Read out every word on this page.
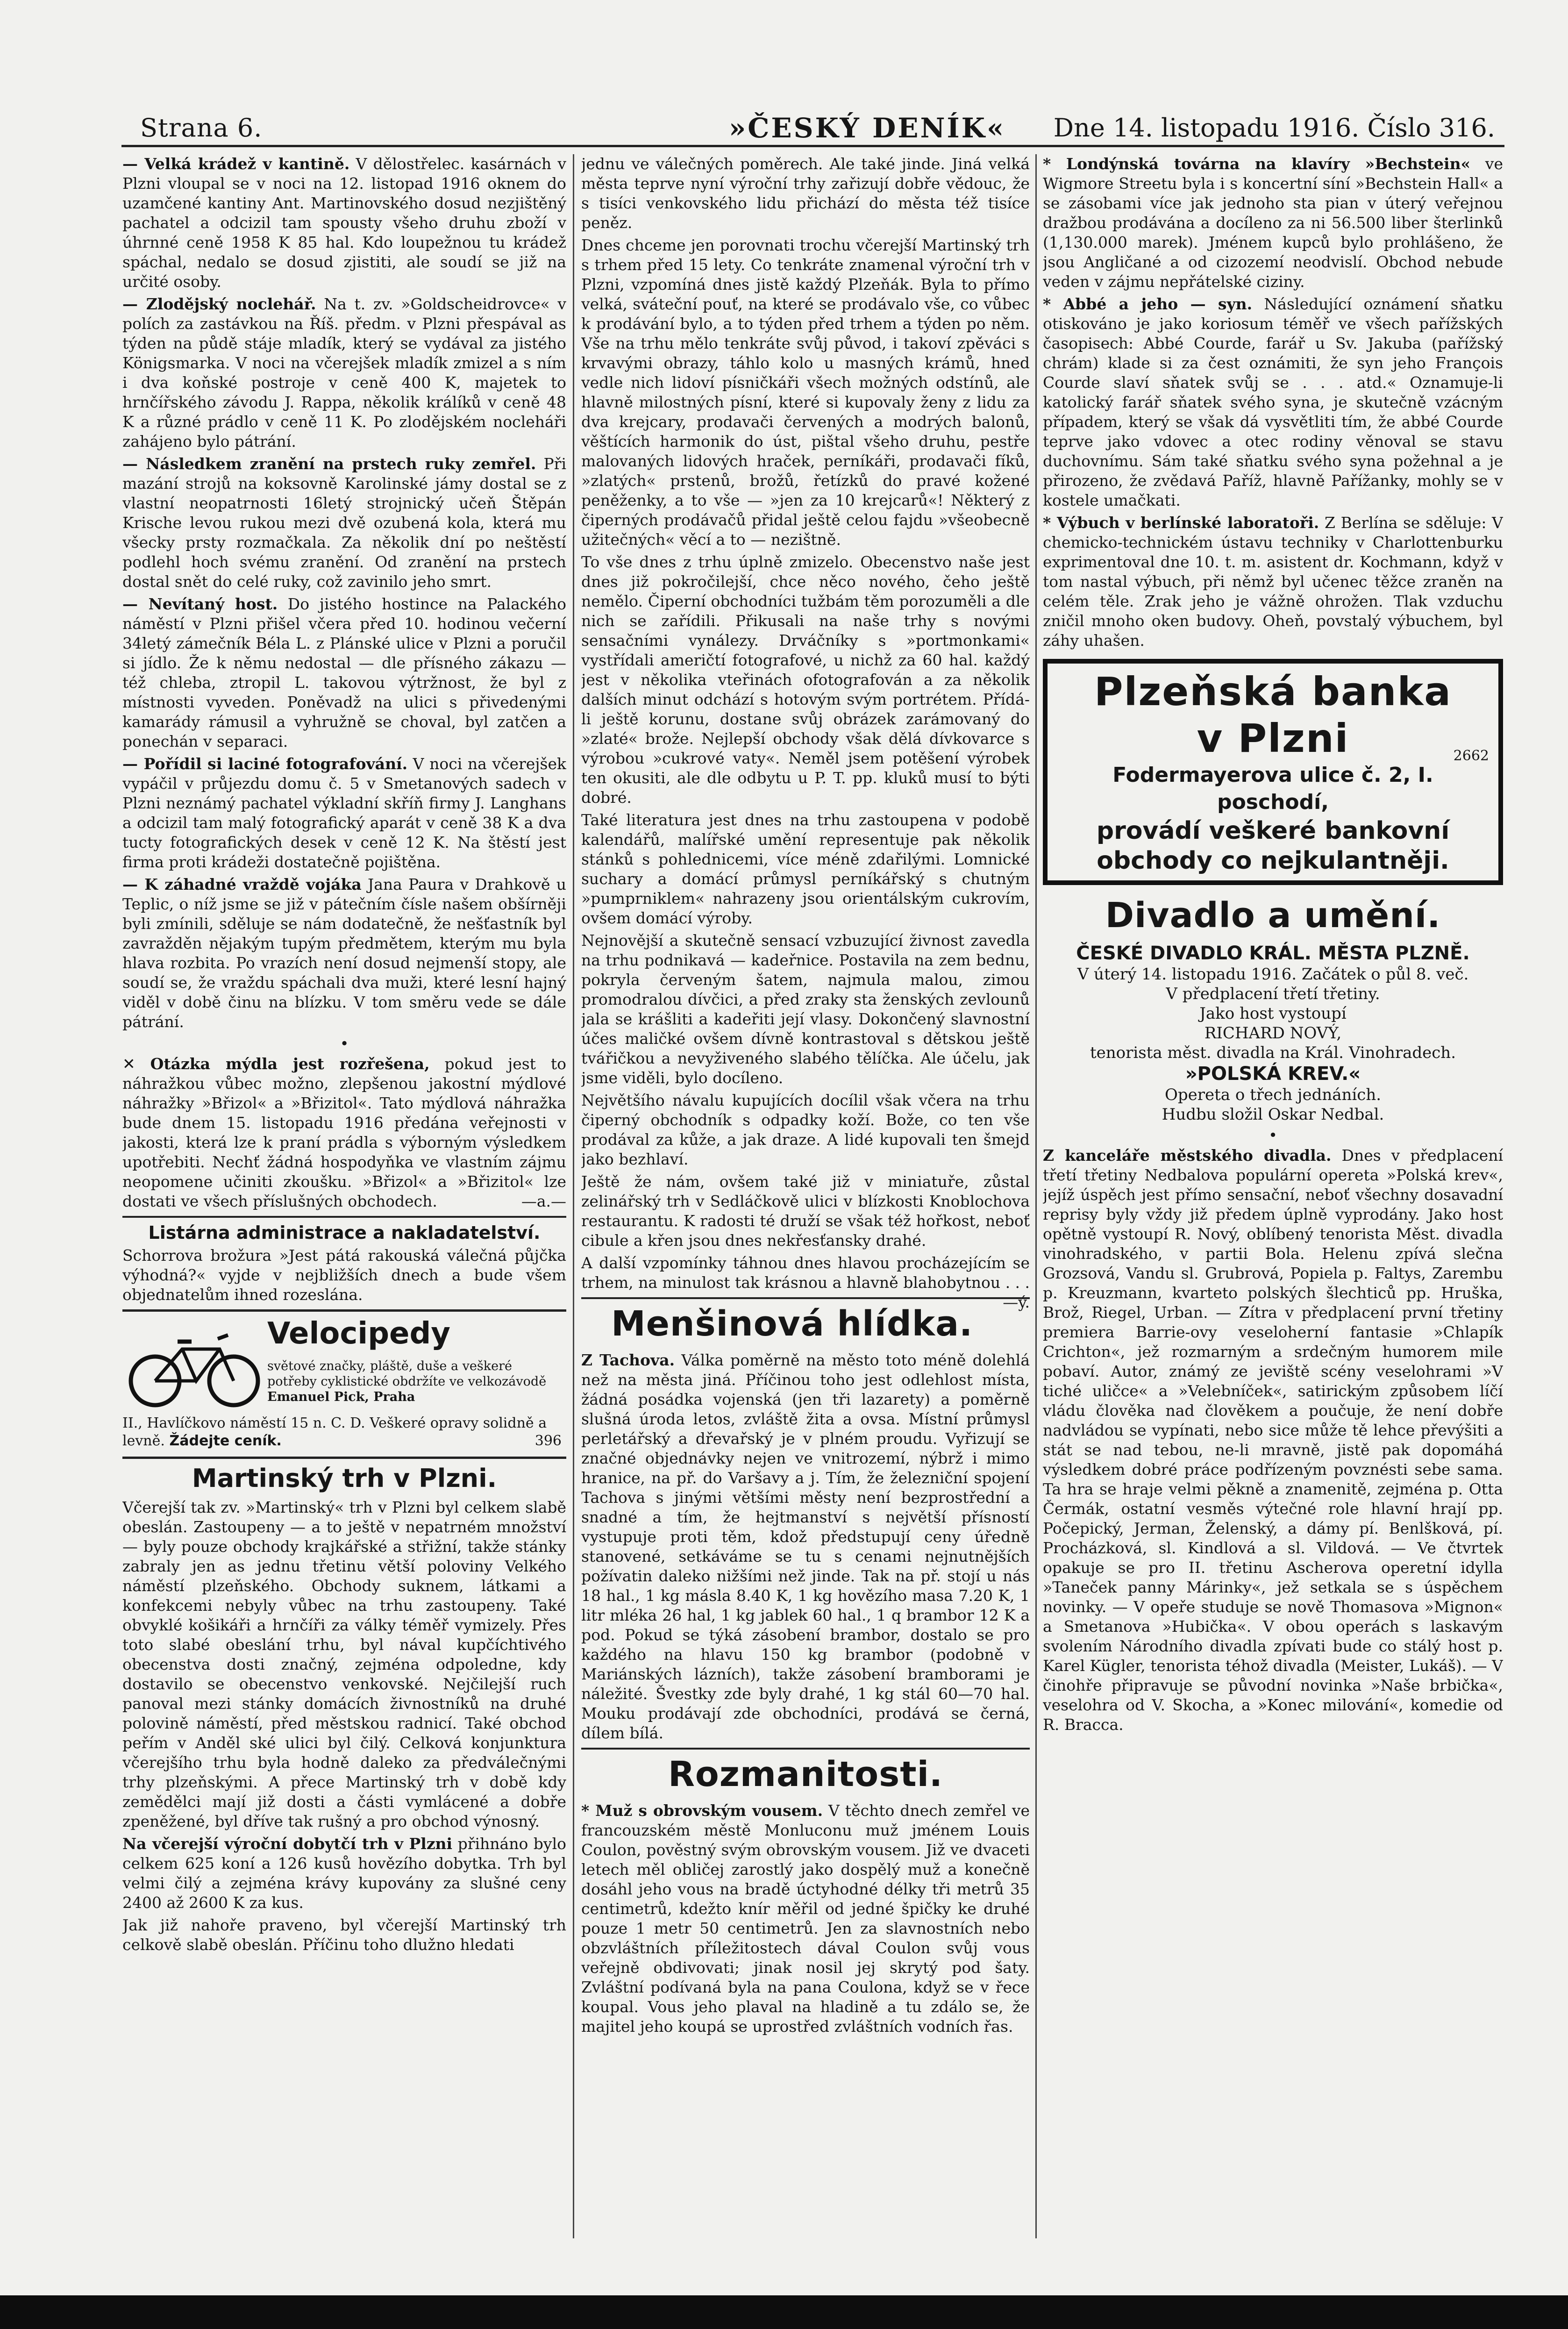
Strana 6.	»ČESKÝ DENÍK« Dne 14. listopadu 1916. Číslo 316.

— Velká krádež v kantině. V dělostřelec. kasárnách v Plzni vloupal se v noci na 12. listopad 1916 oknem do uzamčené kantiny Ant. Martinovského dosud nezjištěný pachatel a odcizil tam spousty všeho druhu zboží v úhrnné ceně 1958 K 85 hal. Kdo loupežnou tu krádež spáchal, nedalo se dosud zjistiti, ale soudí se již na určité osoby.

— Zlodějský noclehář. Na t. zv. »Goldscheidrovce« v polích za zastávkou na Říš. předm. v Plzni přespával as týden na půdě stáje mladík, který se vydával za jistého Königsmarka. V noci na včerejšek mladík zmizel a s ním i dva koňské postroje v ceně 400 K, majetek to hrnčířského závodu J. Rappa, několik králíků v ceně 48 K a různé prádlo v ceně 11 K. Po zlodějském nocleháři zahájeno bylo pátrání.

— Následkem zranění na prstech ruky zemřel. Při mazání strojů na koksovně Karolinské jámy dostal se z vlastní neopatrnosti 16letý strojnický učeň Štěpán Krische levou rukou mezi dvě ozubená kola, která mu všecky prsty rozmačkala. Za několik dní po neštěstí podlehl hoch svému zranění. Od zranění na prstech dostal snět do celé ruky, což zavinilo jeho smrt.

— Nevítaný host. Do jistého hostince na Palackého náměstí v Plzni přišel včera před 10. hodinou večerní 34letý zámečník Béla L. z Plánské ulice v Plzni a poručil si jídlo. Že k němu nedostal — dle přísného zákazu — též chleba, ztropil L. takovou výtržnost, že byl z místnosti vyveden. Poněvadž na ulici s přivedenými kamarády rámusil a vyhružně se choval, byl zatčen a ponechán v separaci.

— Pořídil si laciné fotografování. V noci na včerejšek vypáčil v průjezdu domu č. 5 v Smetanových sadech v Plzni neznámý pachatel výkladní skříň firmy J. Langhans a odcizil tam malý fotografický aparát v ceně 38 K a dva tucty fotografických desek v ceně 12 K. Na štěstí jest firma proti krádeži dostatečně pojištěna.

— K záhadné vraždě vojáka Jana Paura v Drahkově u Teplic, o níž jsme se již v pátečním čísle našem obšírněji byli zmínili, sděluje se nám dodatečně, že nešťastník byl zavražděn nějakým tupým předmětem, kterým mu byla hlava rozbita. Po vrazích není dosud nejmenší stopy, ale soudí se, že vraždu spáchali dva muži, které lesní hajný viděl v době činu na blízku. V tom směru vede se dále pátrání.

•

✕ Otázka mýdla jest rozřešena, pokud jest to náhražkou vůbec možno, zlepšenou jakostní mýdlové náhražky »Břizol« a »Břizitol«. Tato mýdlová náhražka bude dnem 15. listopadu 1916 předána veřejnosti v jakosti, která lze k praní prádla s výborným výsledkem upotřebiti. Nechť žádná hospodyňka ve vlastním zájmu neopomene učiniti zkoušku. »Břizol« a »Břizitol« lze dostati ve všech příslušných obchodech.	—a.—

Listárna administrace a nakladatelství.

Schorrova brožura »Jest pátá rakouská válečná půjčka výhodná?« vyjde v nejbližších dnech a bude všem objednatelům ihned rozeslána.

Velocipedy
světové značky, pláště, duše a veškeré potřeby cyklistické obdržíte ve velkozávodě Emanuel Pick, Praha
II., Havlíčkovo náměstí 15 n. C. D. Veškeré opravy solidně a levně. Žádejte ceník.	396
Martinský trh v Plzni.

Včerejší tak zv. »Martinský« trh v Plzni byl celkem slabě obeslán. Zastoupeny — a to ještě v nepatrném množství — byly pouze obchody krajkářské a střižní, takže stánky zabraly jen as jednu třetinu větší poloviny Velkého náměstí plzeňského. Obchody suknem, látkami a konfekcemi nebyly vůbec na trhu zastoupeny. Také obvyklé košikáři a hrnčíři za války téměř vymizely. Přes toto slabé obeslání trhu, byl nával kupčíchtivého obecenstva dosti značný, zejména odpoledne, kdy dostavilo se obecenstvo venkovské. Nejčilejší ruch panoval mezi stánky domácích živnostníků na druhé polovině náměstí, před městskou radnicí. Také obchod peřím v Anděl ské ulici byl čilý. Celková konjunktura včerejšího trhu byla hodně daleko za předválečnými trhy plzeňskými. A přece Martinský trh v době kdy zemědělci mají již dosti a části vymlácené a dobře zpeněžené, byl dříve tak rušný a pro obchod výnosný.

Na včerejší výroční dobytčí trh v Plzni přihnáno bylo celkem 625 koní a 126 kusů hovězího dobytka. Trh byl velmi čilý a zejména krávy kupovány za slušné ceny 2400 až 2600 K za kus.

Jak již nahoře praveno, byl včerejší Martinský trh celkově slabě obeslán. Příčinu toho dlužno hledati

jednu ve válečných poměrech. Ale také jinde. Jiná velká města teprve nyní výroční trhy zařizují dobře vědouc, že s tisíci venkovského lidu přichází do města též tisíce peněz.

Dnes chceme jen porovnati trochu včerejší Martinský trh s trhem před 15 lety. Co tenkráte znamenal výroční trh v Plzni, vzpomíná dnes jistě každý Plzeňák. Byla to přímo velká, sváteční pouť, na které se prodávalo vše, co vůbec k prodávání bylo, a to týden před trhem a týden po něm. Vše na trhu mělo tenkráte svůj původ, i takoví zpěváci s krvavými obrazy, táhlo kolo u masných krámů, hned vedle nich lidoví písničkáři všech možných odstínů, ale hlavně milostných písní, které si kupovaly ženy z lidu za dva krejcary, prodavači červených a modrých balonů, věštících harmonik do úst, pištal všeho druhu, pestře malovaných lidových hraček, perníkáři, prodavači fíků, »zlatých« prstenů, brožů, řetízků do pravé kožené peněženky, a to vše — »jen za 10 krejcarů«! Některý z čiperných prodávačů přidal ještě celou fajdu »všeobecně užitečných« věcí a to — nezištně.

To vše dnes z trhu úplně zmizelo. Obecenstvo naše jest dnes již pokročilejší, chce něco nového, čeho ještě nemělo. Čiperní obchodníci tužbám těm porozuměli a dle nich se zařídili. Přikusali na naše trhy s novými sensačními vynálezy. Drváčníky s »portmonkami« vystřídali američtí fotografové, u nichž za 60 hal. každý jest v několika vteřinách ofotografován a za několik dalších minut odchází s hotovým svým portrétem. Přídá-li ještě korunu, dostane svůj obrázek zarámovaný do »zlaté« brože. Nejlepší obchody však dělá dívkovarce s výrobou »cukrové vaty«. Neměl jsem potěšení výrobek ten okusiti, ale dle odbytu u P. T. pp. kluků musí to býti dobré.

Také literatura jest dnes na trhu zastoupena v podobě kalendářů, malířské umění representuje pak několik stánků s pohlednicemi, více méně zdařilými. Lomnické suchary a domácí průmysl perníkářský s chutným »pumprniklem« nahrazeny jsou orientálským cukrovím, ovšem domácí výroby.

Nejnovější a skutečně sensací vzbuzující živnost zavedla na trhu podnikavá — kadeřnice. Postavila na zem bednu, pokryla červeným šatem, najmula malou, zimou promodralou dívčici, a před zraky sta ženských zevlounů jala se krášliti a kadeřiti její vlasy. Dokončený slavnostní účes maličké ovšem dívně kontrastoval s dětskou ještě tvářičkou a nevyživeného slabého tělíčka. Ale účelu, jak jsme viděli, bylo docíleno.

Největšího návalu kupujících docílil však včera na trhu čiperný obchodník s odpadky koží. Bože, co ten vše prodával za kůže, a jak draze. A lidé kupovali ten šmejd jako bezhlaví.

Ještě že nám, ovšem také již v miniatuře, zůstal zelinářský trh v Sedláčkově ulici v blízkosti Knoblochova restaurantu. K radosti té druží se však též hořkost, neboť cibule a křen jsou dnes nekřesťansky drahé.

A další vzpomínky táhnou dnes hlavou procházejícím se trhem, na minulost tak krásnou a hlavně blahobytnou . . .
—ý.

Menšinová hlídka.

Z Tachova. Válka poměrně na město toto méně dolehlá než na města jiná. Příčinou toho jest odlehlost místa, žádná posádka vojenská (jen tři lazarety) a poměrně slušná úroda letos, zvláště žita a ovsa. Místní průmysl perletářský a dřevařský je v plném proudu. Vyřizují se značné objednávky nejen ve vnitrozemí, nýbrž i mimo hranice, na př. do Varšavy a j. Tím, že železniční spojení Tachova s jinými většími městy není bezprostřední a snadné a tím, že hejtmanství s největší přísností vystupuje proti těm, kdož předstupují ceny úředně stanovené, setkáváme se tu s cenami nejnutnějších požívatin daleko nižšími než jinde. Tak na př. stojí u nás 18 hal., 1 kg másla 8.40 K, 1 kg hovězího masa 7.20 K, 1 litr mléka 26 hal, 1 kg jablek 60 hal., 1 q brambor 12 K a pod. Pokud se týká zásobení brambor, dostalo se pro každého na hlavu 150 kg brambor (podobně v Mariánských lázních), takže zásobení bramborami je náležité. Švestky zde byly drahé, 1 kg stál 60—70 hal. Mouku prodávají zde obchodníci, prodává se černá, dílem bílá.

Rozmanitosti.

* Muž s obrovským vousem. V těchto dnech zemřel ve francouzském městě Monluconu muž jménem Louis Coulon, pověstný svým obrovským vousem. Již ve dvaceti letech měl obličej zarostlý jako dospělý muž a konečně dosáhl jeho vous na bradě úctyhodné délky tři metrů 35 centimetrů, kdežto knír měřil od jedné špičky ke druhé pouze 1 metr 50 centimetrů. Jen za slavnostních nebo obzvláštních příležitostech dával Coulon svůj vous veřejně obdivovati; jinak nosil jej skrytý pod šaty. Zvláštní podívaná byla na pana Coulona, když se v řece koupal. Vous jeho plaval na hladině a tu zdálo se, že majitel jeho koupá se uprostřed zvláštních vodních řas.

* Londýnská továrna na klavíry »Bechstein« ve Wigmore Streetu byla i s koncertní síní »Bechstein Hall« a se zásobami více jak jednoho sta pian v úterý veřejnou dražbou prodávána a docíleno za ni 56.500 liber šterlinků (1,130.000 marek). Jménem kupců bylo prohlášeno, že jsou Angličané a od cizozemí neodvislí. Obchod nebude veden v zájmu nepřátelské ciziny.

* Abbé a jeho — syn. Následující oznámení sňatku otiskováno je jako koriosum téměř ve všech pařížských časopisech: Abbé Courde, farář u Sv. Jakuba (pařížský chrám) klade si za čest oznámiti, že syn jeho François Courde slaví sňatek svůj se . . . atd.« Oznamuje-li katolický farář sňatek svého syna, je skutečně vzácným případem, který se však dá vysvětliti tím, že abbé Courde teprve jako vdovec a otec rodiny věnoval se stavu duchovnímu. Sám také sňatku svého syna požehnal a je přirozeno, že zvědavá Paříž, hlavně Pařížanky, mohly se v kostele umačkati.

* Výbuch v berlínské laboratoři. Z Berlína se sděluje: V chemicko-technickém ústavu techniky v Charlottenburku exprimentoval dne 10. t. m. asistent dr. Kochmann, když v tom nastal výbuch, při němž byl učenec těžce zraněn na celém těle. Zrak jeho je vážně ohrožen. Tlak vzduchu zničil mnoho oken budovy. Oheň, povstalý výbuchem, byl záhy uhašen.

Plzeňská banka
v Plzni	2662
Fodermayerova ulice č. 2, I. poschodí,
provádí veškeré bankovní
obchody co nejkulantněji.
Divadlo a umění.
ČESKÉ DIVADLO KRÁL. MĚSTA PLZNĚ.
V úterý 14. listopadu 1916. Začátek o půl 8. več.
V předplacení třetí třetiny.
Jako host vystoupí
RICHARD NOVÝ,
tenorista měst. divadla na Král. Vinohradech.
»POLSKÁ KREV.«
Opereta o třech jednáních.
Hudbu složil Oskar Nedbal.
•

Z kanceláře městského divadla. Dnes v předplacení třetí třetiny Nedbalova populární opereta »Polská krev«, jejíž úspěch jest přímo sensační, neboť všechny dosavadní reprisy byly vždy již předem úplně vyprodány. Jako host opětně vystoupí R. Nový, oblíbený tenorista Měst. divadla vinohradského, v partii Bola. Helenu zpívá slečna Grozsová, Vandu sl. Grubrová, Popiela p. Faltys, Zarembu p. Kreuzmann, kvarteto polských šlechticů pp. Hruška, Brož, Riegel, Urban. — Zítra v předplacení první třetiny premiera Barrie-ovy veseloherní fantasie »Chlapík Crichton«, jež rozmarným a srdečným humorem mile pobaví. Autor, známý ze jeviště scény veselohrami »V tiché uličce« a »Velebníček«, satirickým způsobem líčí vládu člověka nad člověkem a poučuje, že není dobře nadvládou se vypínati, nebo sice může tě lehce převýšiti a stát se nad tebou, ne-li mravně, jistě pak dopomáhá výsledkem dobré práce podřízeným povznésti sebe sama. Ta hra se hraje velmi pěkně a znamenitě, zejména p. Otta Čermák, ostatní vesměs výtečné role hlavní hrají pp. Počepický, Jerman, Želenský, a dámy pí. Benlšková, pí. Procházková, sl. Kindlová a sl. Vildová. — Ve čtvrtek opakuje se pro II. třetinu Ascherova operetní idylla »Taneček panny Márinky«, jež setkala se s úspěchem novinky. — V opeře studuje se nově Thomasova »Mignon« a Smetanova »Hubička«. V obou operách s laskavým svolením Národního divadla zpívati bude co stálý host p. Karel Kügler, tenorista téhož divadla (Meister, Lukáš). — V činohře připravuje se původní novinka »Naše brbička«, veselohra od V. Skocha, a »Konec milování«, komedie od R. Bracca.
